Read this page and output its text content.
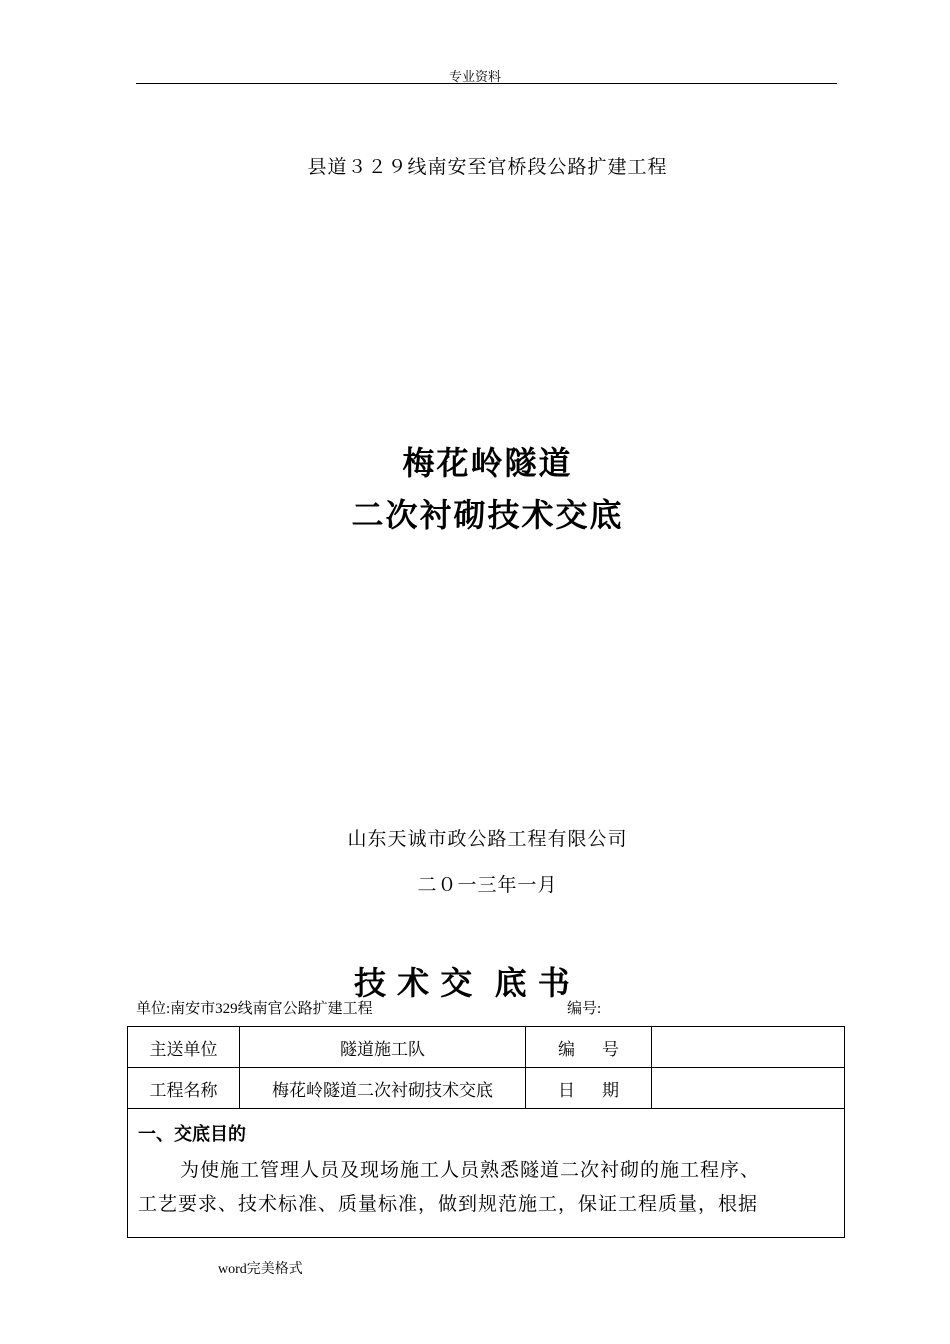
专业资料
县道３２９线南安至官桥段公路扩建工程
梅花岭隧道
二次衬砌技术交底
山东天诚市政公路工程有限公司
二０一三年一月
技 术 交  底 书
单位:南安市329线南官公路扩建工程	编号:
主送单位	隧道施工队	编     号
工程名称	梅花岭隧道二次衬砌技术交底	日     期
一、交底目的
为使施工管理人员及现场施工人员熟悉隧道二次衬砌的施工程序、
工艺要求、技术标准、质量标准，做到规范施工，保证工程质量，根据
word完美格式
